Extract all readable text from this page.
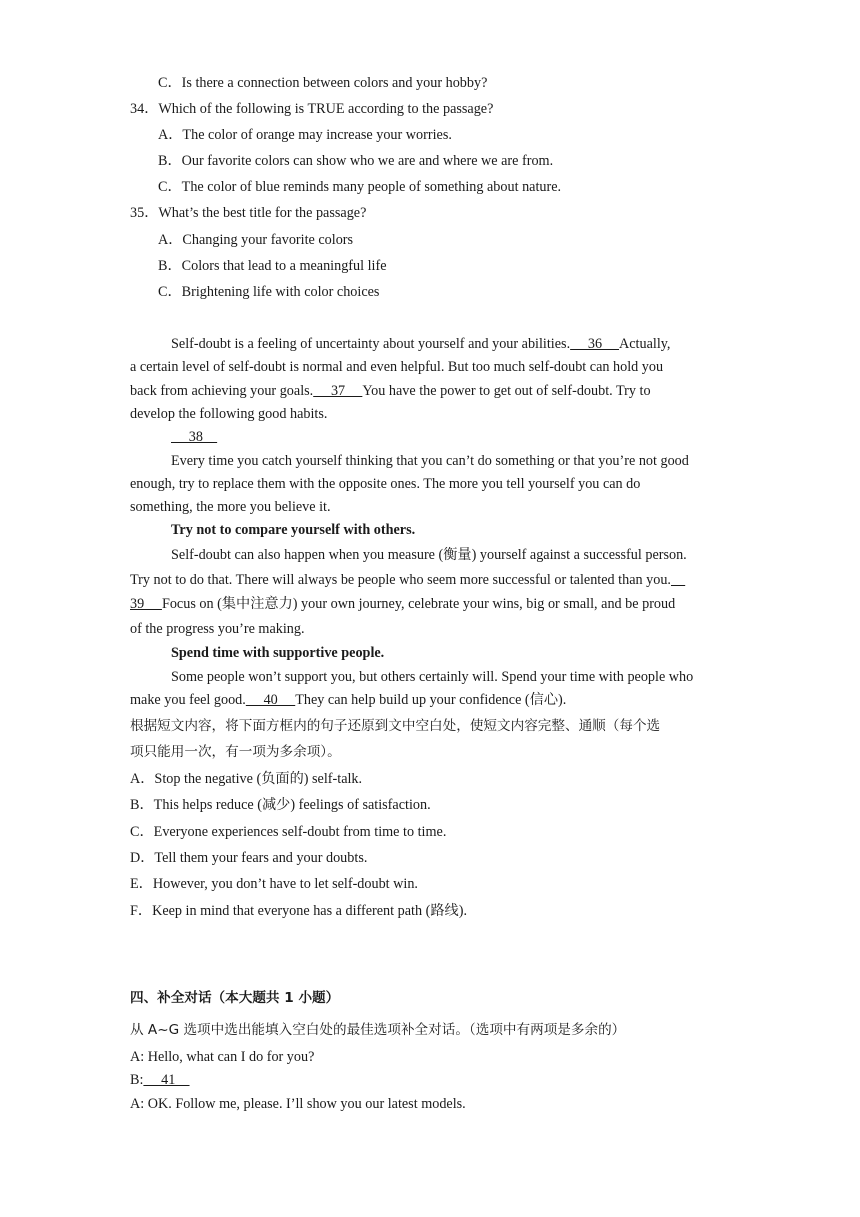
C．Is there a connection between colors and your hobby?
34．Which of the following is TRUE according to the passage?
A．The color of orange may increase your worries.
B．Our favorite colors can show who we are and where we are from.
C．The color of blue reminds many people of something about nature.
35．What’s the best title for the passage?
A．Changing your favorite colors
B．Colors that lead to a meaningful life
C．Brightening life with color choices
Self-doubt is a feeling of uncertainty about yourself and your abilities.　 36　 Actually,
a certain level of self-doubt is normal and even helpful. But too much self-doubt can hold you
back from achieving your goals.　 37　 You have the power to get out of self-doubt. Try to
develop the following good habits.
　 38　
Every time you catch yourself thinking that you can’t do something or that you’re not good
enough, try to replace them with the opposite ones. The more you tell yourself you can do
something, the more you believe it.
Try not to compare yourself with others.
Self-doubt can also happen when you measure (衡量) yourself against a successful person.
Try not to do that. There will always be people who seem more successful or talented than you.　
39　 Focus on (集中注意力) your own journey, celebrate your wins, big or small, and be proud
of the progress you’re making.
Spend time with supportive people.
Some people won’t support you, but others certainly will. Spend your time with people who
make you feel good.　 40　 They can help build up your confidence (信心).
根据短文内容，将下面方框内的句子还原到文中空白处，使短文内容完整、通顺（每个选
项只能用一次，有一项为多余项）。
A．Stop the negative (负面的) self-talk.
B．This helps reduce (减少) feelings of satisfaction.
C．Everyone experiences self-doubt from time to time.
D．Tell them your fears and your doubts.
E．However, you don’t have to let self-doubt win.
F．Keep in mind that everyone has a different path (路线).
四、补全对话（本大题共 1 小题）
从 A~G 选项中选出能填入空白处的最佳选项补全对话。（选项中有两项是多余的）
A: Hello, what can I do for you?
B:　 41　
A: OK. Follow me, please. I’ll show you our latest models.
